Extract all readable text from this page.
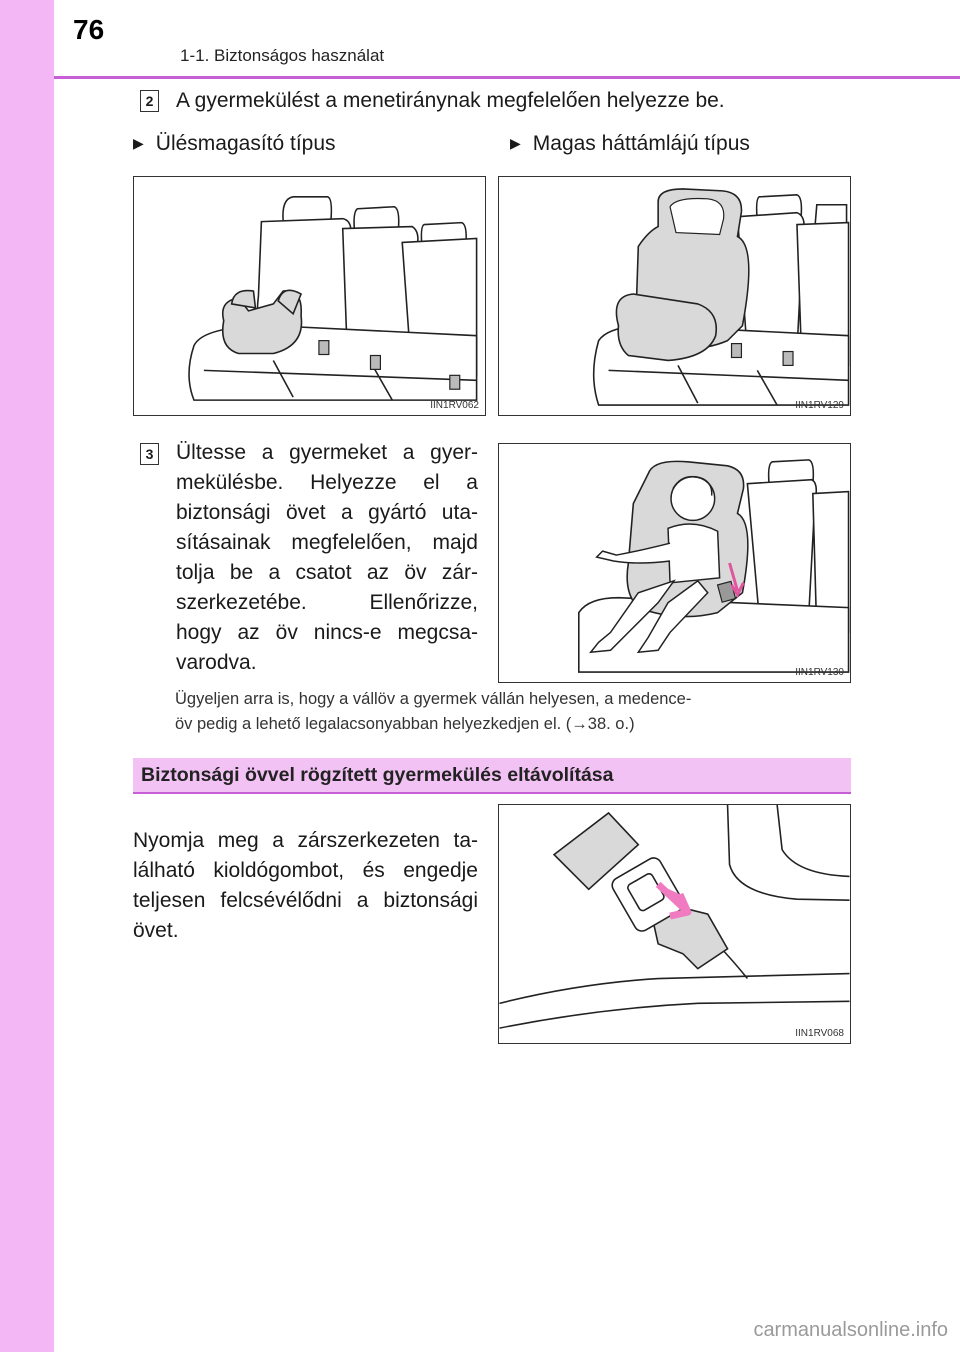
76
1-1. Biztonságos használat
2 A gyermekülést a menetiránynak megfelelően helyezze be.
▶ Ülésmagasító típus	▶ Magas háttámlájú típus
IIN1RV062	IIN1RV129
3 Ültesse a gyermeket a gyer-
mekülésbe. Helyezze el a
biztonsági övet a gyártó uta-
sításainak megfelelően, majd
tolja be a csatot az öv zár-
szerkezetébe. Ellenőrizze,
hogy az öv nincs-e megcsa-
varodva.	IIN1RV130
Ügyeljen arra is, hogy a vállöv a gyermek vállán helyesen, a medence-
öv pedig a lehető legalacsonyabban helyezkedjen el. (→38. o.)
Biztonsági övvel rögzített gyermekülés eltávolítása
Nyomja meg a zárszerkezeten ta-
lálható kioldógombot, és engedje
teljesen felcsévélődni a biztonsági
övet.
IIN1RV068
carmanualsonline.info
